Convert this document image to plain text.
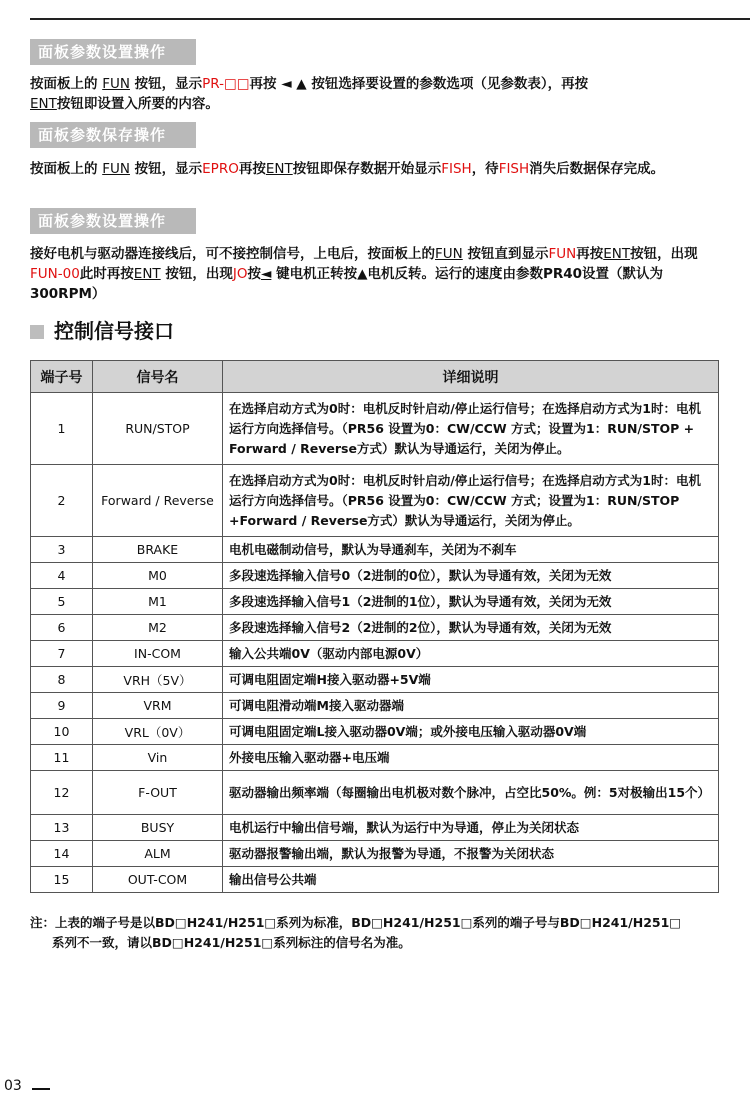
面板参数设置操作
按面板上的 FUN 按钮，显示PR-□□再按 ◄ ▲ 按钮选择要设置的参数选项（见参数表），再按
ENT按钮即设置入所要的内容。
面板参数保存操作
按面板上的 FUN 按钮，显示EPRO再按ENT按钮即保存数据开始显示FISH，待FISH消失后数据保存完成。
面板参数设置操作
接好电机与驱动器连接线后，可不接控制信号，上电后，按面板上的FUN 按钮直到显示FUN再按ENT按钮，出现FUN-00此时再按ENT 按钮，出现JO按◄ 键电机正转按▲电机反转。运行的速度由参数PR40设置（默认为300RPM）
控制信号接口
端子号	信号名	详细说明
1	RUN/STOP	在选择启动方式为0时：电机反时针启动/停止运行信号；在选择启动方式为1时：电机运行方向选择信号。（PR56 设置为0：CW/CCW 方式；设置为1：RUN/STOP + Forward / Reverse方式）默认为导通运行，关闭为停止。
2	Forward / Reverse	在选择启动方式为0时：电机反时针启动/停止运行信号；在选择启动方式为1时：电机运行方向选择信号。（PR56 设置为0：CW/CCW 方式；设置为1：RUN/STOP +Forward / Reverse方式）默认为导通运行，关闭为停止。
3	BRAKE	电机电磁制动信号，默认为导通刹车，关闭为不刹车
4	M0	多段速选择输入信号0（2进制的0位），默认为导通有效，关闭为无效
5	M1	多段速选择输入信号1（2进制的1位），默认为导通有效，关闭为无效
6	M2	多段速选择输入信号2（2进制的2位），默认为导通有效，关闭为无效
7	IN-COM	输入公共端0V（驱动内部电源0V）
8	VRH（5V）	可调电阻固定端H接入驱动器+5V端
9	VRM	可调电阻滑动端M接入驱动器端
10	VRL（0V）	可调电阻固定端L接入驱动器0V端；或外接电压输入驱动器0V端
11	Vin	外接电压输入驱动器+电压端
12	F-OUT	驱动器输出频率端（每圈输出电机极对数个脉冲，占空比50%。例：5对极输出15个）
13	BUSY	电机运行中输出信号端，默认为运行中为导通，停止为关闭状态
14	ALM	驱动器报警输出端，默认为报警为导通，不报警为关闭状态
15	OUT-COM	输出信号公共端
注：上表的端子号是以BD□H241/H251□系列为标准，BD□H241/H251□系列的端子号与BD□H241/H251□
系列不一致，请以BD□H241/H251□系列标注的信号名为准。
03
